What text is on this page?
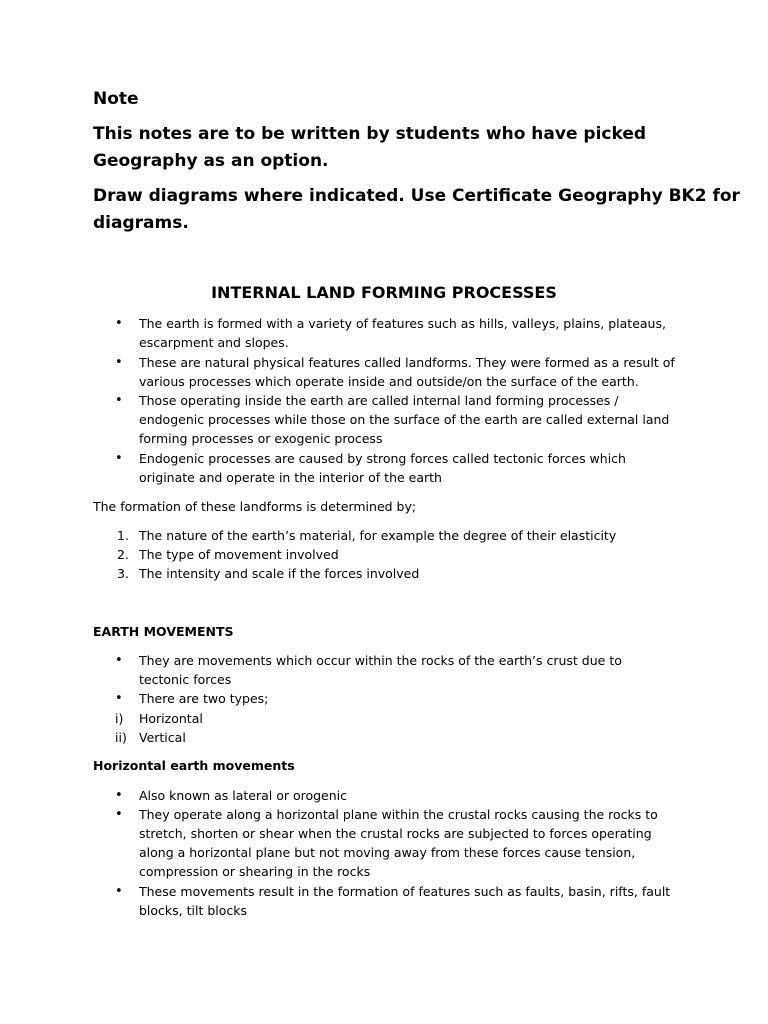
Note
This notes are to be written by students who have picked
Geography as an option.
Draw diagrams where indicated. Use Certificate Geography BK2 for
diagrams.
INTERNAL LAND FORMING PROCESSES
• The earth is formed with a variety of features such as hills, valleys, plains, plateaus,
escarpment and slopes.
• These are natural physical features called landforms. They were formed as a result of
various processes which operate inside and outside/on the surface of the earth.
• Those operating inside the earth are called internal land forming processes /
endogenic processes while those on the surface of the earth are called external land
forming processes or exogenic process
• Endogenic processes are caused by strong forces called tectonic forces which
originate and operate in the interior of the earth
The formation of these landforms is determined by;
1. The nature of the earth’s material, for example the degree of their elasticity
2. The type of movement involved
3. The intensity and scale if the forces involved
EARTH MOVEMENTS
• They are movements which occur within the rocks of the earth’s crust due to
tectonic forces
• There are two types;
i) Horizontal
ii) Vertical
Horizontal earth movements
• Also known as lateral or orogenic
• They operate along a horizontal plane within the crustal rocks causing the rocks to
stretch, shorten or shear when the crustal rocks are subjected to forces operating
along a horizontal plane but not moving away from these forces cause tension,
compression or shearing in the rocks
• These movements result in the formation of features such as faults, basin, rifts, fault
blocks, tilt blocks
